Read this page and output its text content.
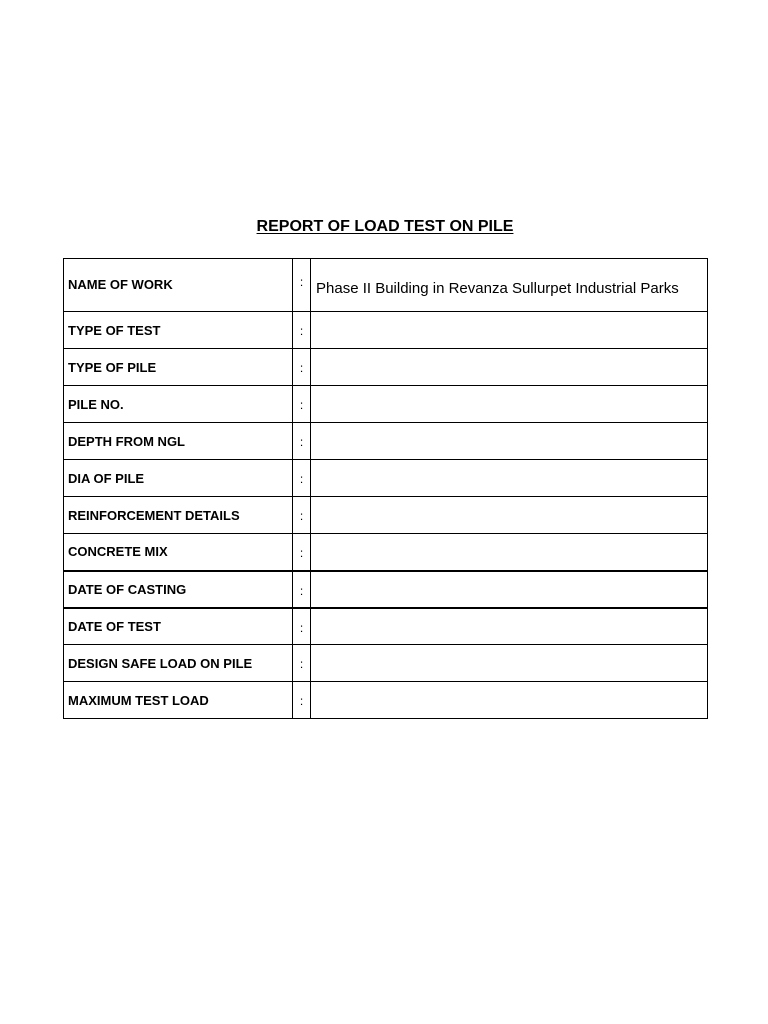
REPORT OF LOAD TEST ON PILE
NAME OF WORK	:	Phase II Building in Revanza Sullurpet Industrial Parks
TYPE OF TEST	:	
TYPE OF PILE	:	
PILE NO.	:	
DEPTH FROM NGL	:	
DIA OF PILE	:	
REINFORCEMENT DETAILS	:	
CONCRETE MIX	:	
DATE OF CASTING	:	
DATE OF TEST	:	
DESIGN SAFE LOAD ON PILE	:	
MAXIMUM TEST LOAD	:	
